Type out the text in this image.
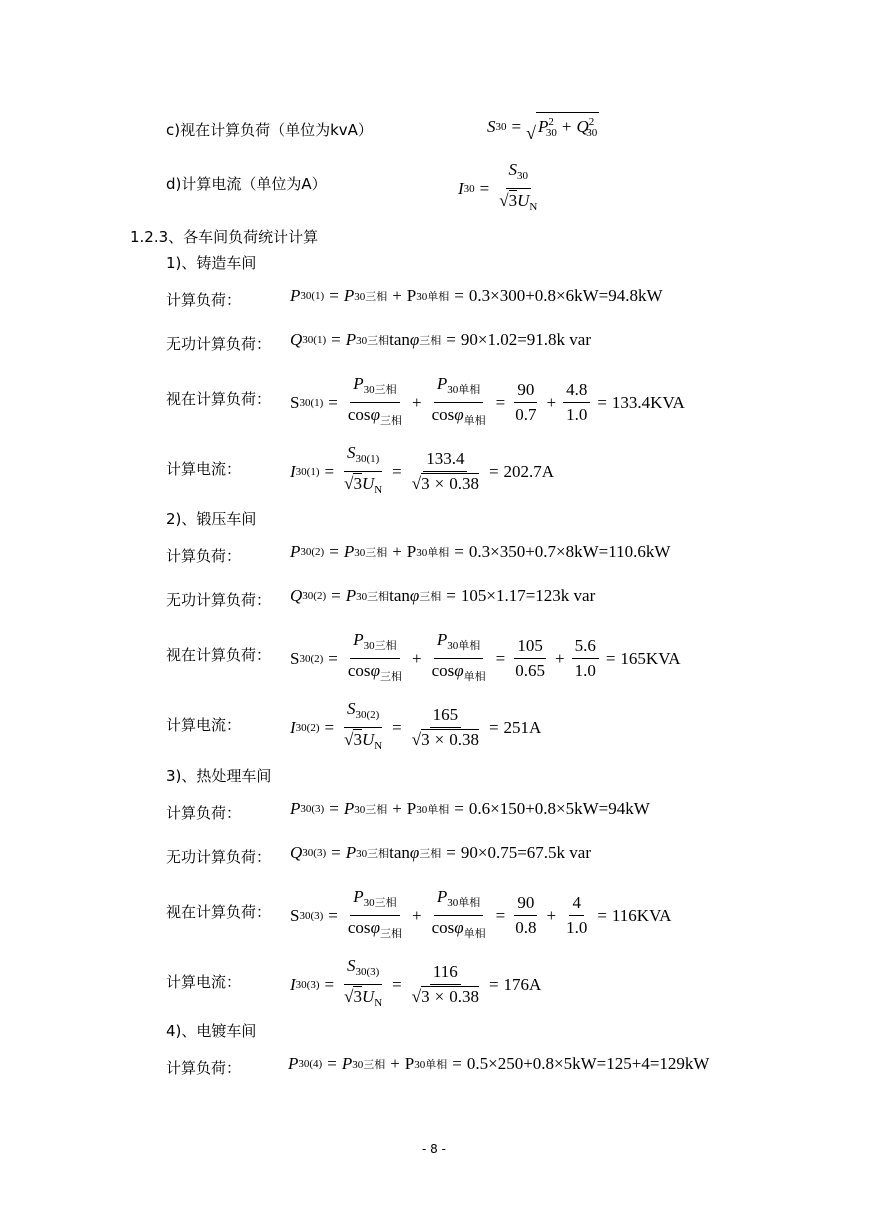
c)视在计算负荷（单位为kvA）	S 30 = √ $P^2_{30} + Q^2_{30}$
d)计算电流（单位为A）	I $30 = \frac{S_{30}}{√3U_N}$
1.2.3、各车间负荷统计计算
1)、铸造车间
计算负荷：	P 30(1) = P 30三相 + P 30单相 = 0.3×300+0.8×6kW=94.8kW
无功计算负荷： Q 30(1) = P 30三相 tan φ 三相 = 90×1.02=91.8k var
视在计算负荷： S $30(1) = \frac{P_{30三相}}{\cos\varphi_{三相}} + \frac{P_{30单相}}{\cos\varphi_{单相}} = \frac{90}{0.7} + \frac{4.8}{1.0} = 133.4KVA$
计算电流：	I $30(1) = \frac{S_{30(1)}}{√3U_N} = \frac{133.4}{√3 \times 0.38} = 202.7A$
2)、锻压车间
计算负荷：	P 30(2) = P 30三相 + P 30单相 = 0.3×350+0.7×8kW=110.6kW
无功计算负荷： Q 30(2) = P 30三相 tan φ 三相 = 105×1.17=123k var
视在计算负荷： S $30(2) = \frac{P_{30三相}}{\cos\varphi_{三相}} + \frac{P_{30单相}}{\cos\varphi_{单相}} = \frac{105}{0.65} + \frac{5.6}{1.0} = 165KVA$
计算电流：	I $30(2) = \frac{S_{30(2)}}{√3U_N} = \frac{165}{√3 \times 0.38} = 251A$
3)、热处理车间
计算负荷：	P 30(3) = P 30三相 + P 30单相 = 0.6×150+0.8×5kW=94kW
无功计算负荷： Q 30(3) = P 30三相 tan φ 三相 = 90×0.75=67.5k var
视在计算负荷： S $30(3) = \frac{P_{30三相}}{\cos\varphi_{三相}} + \frac{P_{30单相}}{\cos\varphi_{单相}} = \frac{90}{0.8} + \frac{4}{1.0} = 116KVA$
计算电流：	I $30(3) = \frac{S_{30(3)}}{√3U_N} = \frac{116}{√3 \times 0.38} = 176A$
4)、电镀车间
计算负荷：	P 30(4) = P 30三相 + P 30单相 = 0.5×250+0.8×5kW=125+4=129kW
- 8 -
